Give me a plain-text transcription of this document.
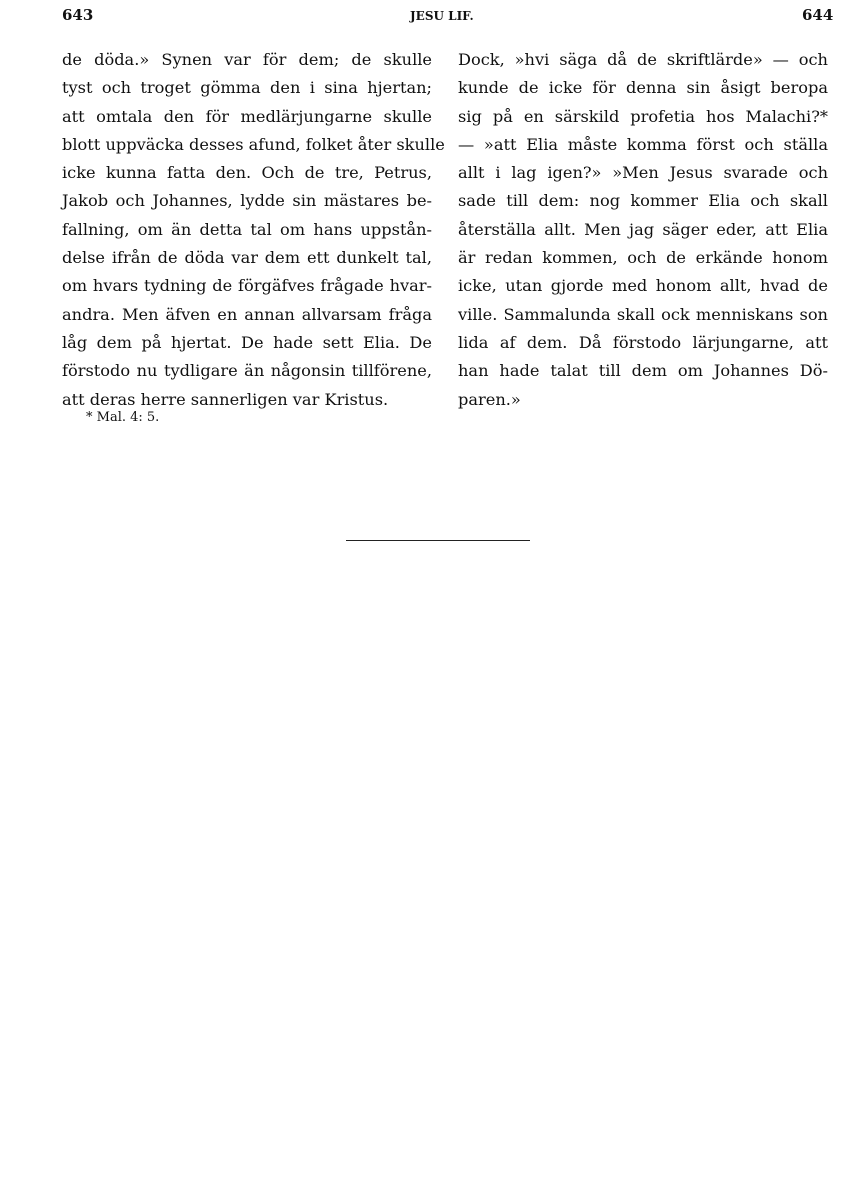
643	JESU LIF.	644
de döda.» Synen var för dem; de skulle
tyst och troget gömma den i sina hjertan;
att omtala den för medlärjungarne skulle
blott uppväcka desses afund, folket åter skulle
icke kunna fatta den. Och de tre, Petrus,
Jakob och Johannes, lydde sin mästares be-
fallning, om än detta tal om hans uppstån-
delse ifrån de döda var dem ett dunkelt tal,
om hvars tydning de förgäfves frågade hvar-
andra. Men äfven en annan allvarsam fråga
låg dem på hjertat. De hade sett Elia. De
förstodo nu tydligare än någonsin tillförene,
att deras herre sannerligen var Kristus.
Dock, »hvi säga då de skriftlärde» — och
kunde de icke för denna sin åsigt beropa
sig på en särskild profetia hos Malachi?*
— »att Elia måste komma först och ställa
allt i lag igen?» »Men Jesus svarade och
sade till dem: nog kommer Elia och skall
återställa allt. Men jag säger eder, att Elia
är redan kommen, och de erkände honom
icke, utan gjorde med honom allt, hvad de
ville. Sammalunda skall ock menniskans son
lida af dem. Då förstodo lärjungarne, att
han hade talat till dem om Johannes Dö-
paren.»
* Mal. 4: 5.
